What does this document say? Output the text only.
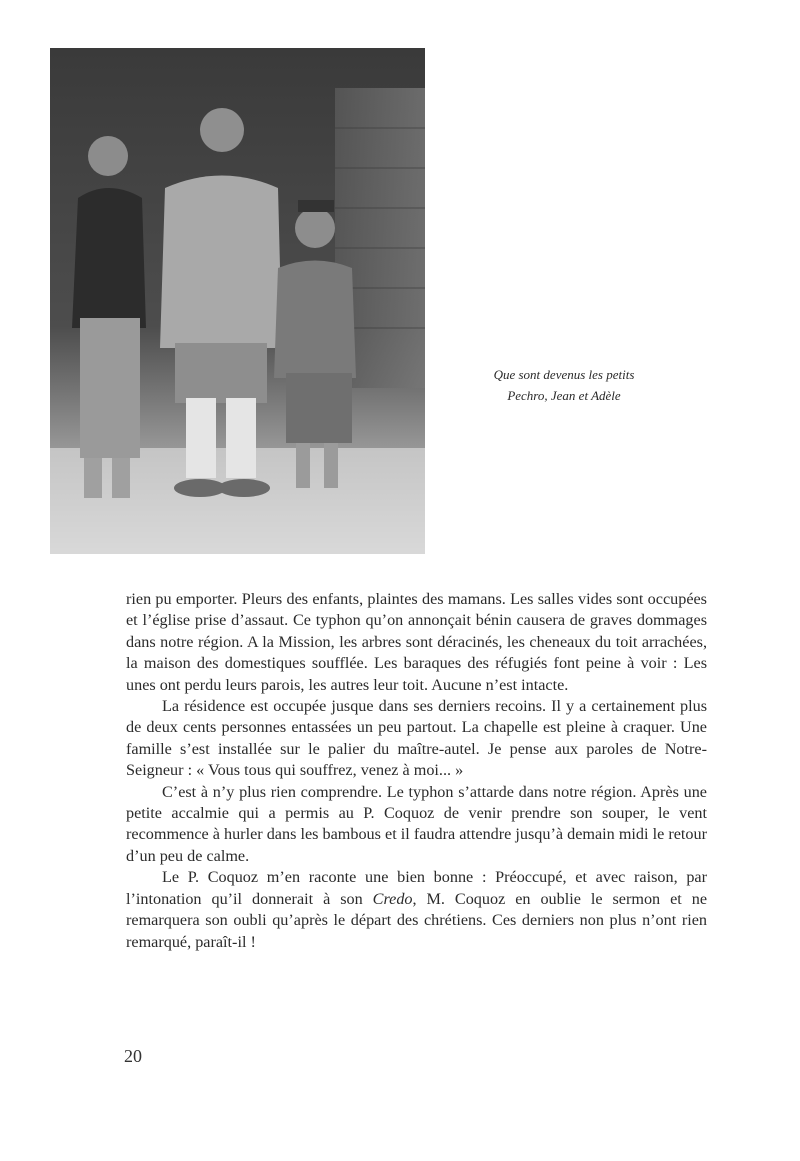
Que sont devenus les petits
Pechro, Jean et Adèle

rien pu emporter. Pleurs des enfants, plaintes des mamans. Les salles vides sont occupées et l’église prise d’assaut. Ce typhon qu’on annonçait bénin causera de graves dommages dans notre région. A la Mission, les arbres sont déracinés, les cheneaux du toit arrachées, la maison des domestiques soufflée. Les baraques des réfugiés font peine à voir : Les unes ont perdu leurs parois, les autres leur toit. Aucune n’est intacte.

La résidence est occupée jusque dans ses derniers recoins. Il y a certainement plus de deux cents personnes entassées un peu partout. La chapelle est pleine à craquer. Une famille s’est installée sur le palier du maître-autel. Je pense aux paroles de Notre-Seigneur : « Vous tous qui souffrez, venez à moi... »

C’est à n’y plus rien comprendre. Le typhon s’attarde dans notre région. Après une petite accalmie qui a permis au P. Coquoz de venir prendre son souper, le vent recommence à hurler dans les bambous et il faudra attendre jusqu’à demain midi le retour d’un peu de calme.

Le P. Coquoz m’en raconte une bien bonne : Préoccupé, et avec raison, par l’intonation qu’il donnerait à son Credo, M. Coquoz en oublie le sermon et ne remarquera son oubli qu’après le départ des chrétiens. Ces derniers non plus n’ont rien remarqué, paraît-il !

20
